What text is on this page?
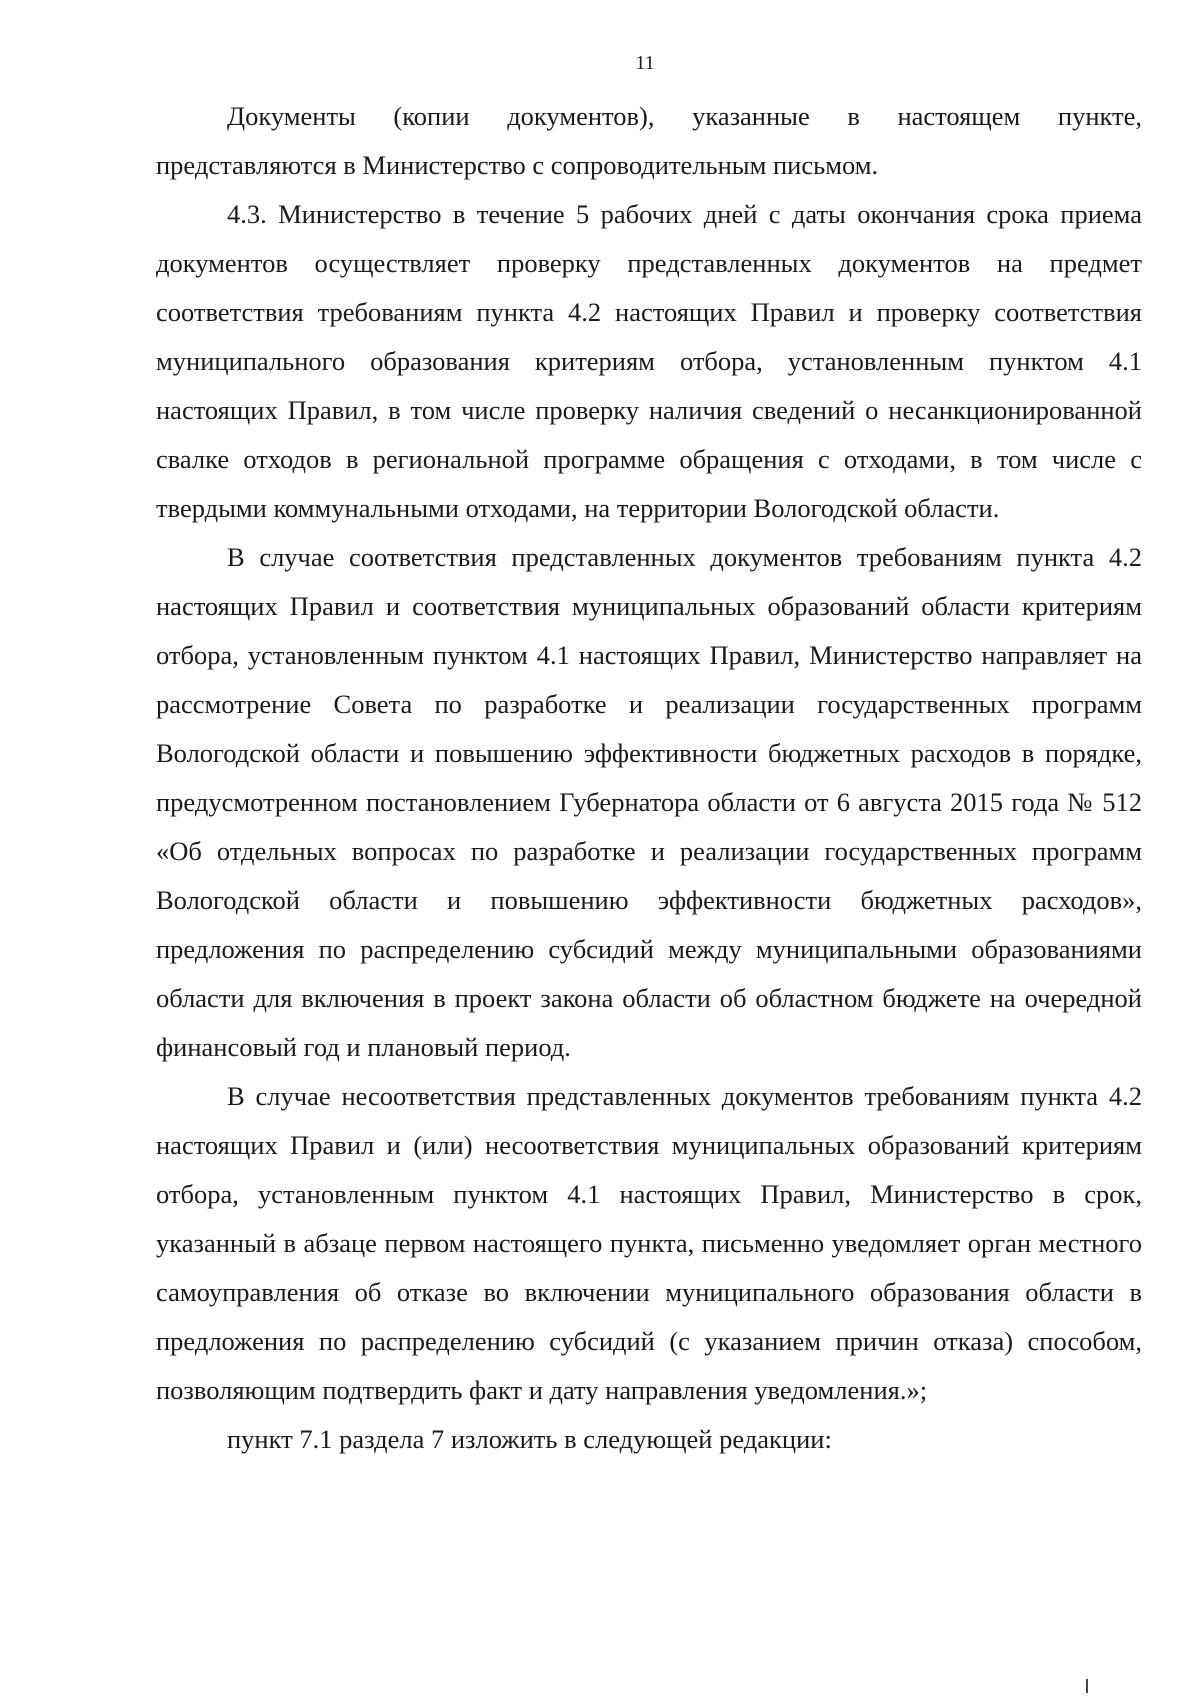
11

Документы (копии документов), указанные в настоящем пункте, представляются в Министерство с сопроводительным письмом.

4.3. Министерство в течение 5 рабочих дней с даты окончания срока приема документов осуществляет проверку представленных документов на предмет соответствия требованиям пункта 4.2 настоящих Правил и проверку соответствия муниципального образования критериям отбора, установленным пунктом 4.1 настоящих Правил, в том числе проверку наличия сведений о несанкционированной свалке отходов в региональной программе обращения с отходами, в том числе с твердыми коммунальными отходами, на территории Вологодской области.

В случае соответствия представленных документов требованиям пункта 4.2 настоящих Правил и соответствия муниципальных образований области критериям отбора, установленным пунктом 4.1 настоящих Правил, Министерство направляет на рассмотрение Совета по разработке и реализации государственных программ Вологодской области и повышению эффективности бюджетных расходов в порядке, предусмотренном постановлением Губернатора области от 6 августа 2015 года № 512 «Об отдельных вопросах по разработке и реализации государственных программ Вологодской области и повышению эффективности бюджетных расходов», предложения по распределению субсидий между муниципальными образованиями области для включения в проект закона области об областном бюджете на очередной финансовый год и плановый период.

В случае несоответствия представленных документов требованиям пункта 4.2 настоящих Правил и (или) несоответствия муниципальных образований критериям отбора, установленным пунктом 4.1 настоящих Правил, Министерство в срок, указанный в абзаце первом настоящего пункта, письменно уведомляет орган местного самоуправления об отказе во включении муниципального образования области в предложения по распределению субсидий (с указанием причин отказа) способом, позволяющим подтвердить факт и дату направления уведомления.»;

пункт 7.1 раздела 7 изложить в следующей редакции:
